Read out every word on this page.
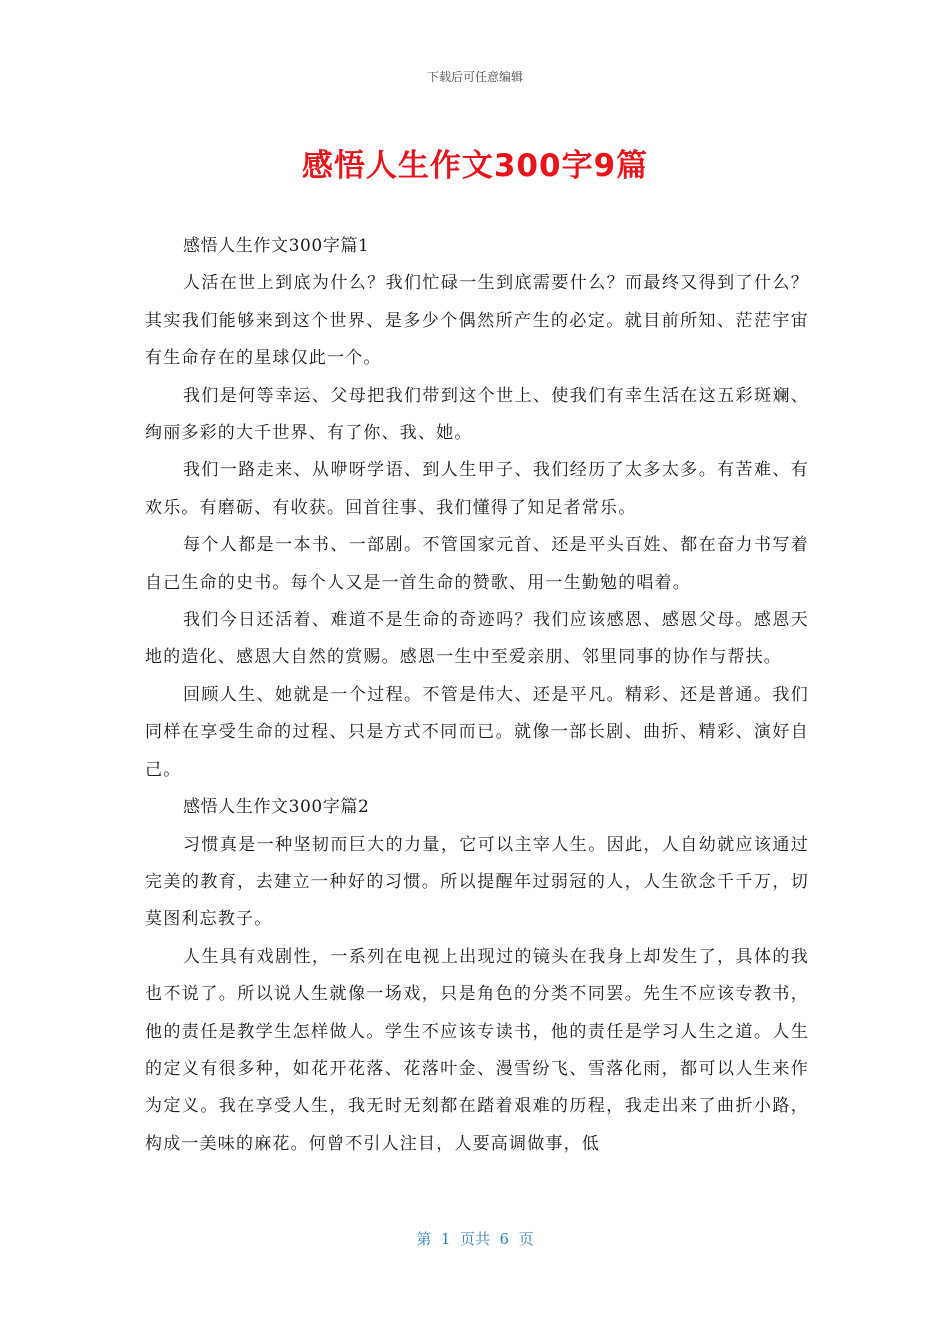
下载后可任意编辑
感悟人生作文300字9篇

感悟人生作文300字篇1

人活在世上到底为什么？我们忙碌一生到底需要什么？而最终又得到了什么？其实我们能够来到这个世界、是多少个偶然所产生的必定。就目前所知、茫茫宇宙有生命存在的星球仅此一个。

我们是何等幸运、父母把我们带到这个世上、使我们有幸生活在这五彩斑斓、绚丽多彩的大千世界、有了你、我、她。

我们一路走来、从咿呀学语、到人生甲子、我们经历了太多太多。有苦难、有欢乐。有磨砺、有收获。回首往事、我们懂得了知足者常乐。

每个人都是一本书、一部剧。不管国家元首、还是平头百姓、都在奋力书写着自己生命的史书。每个人又是一首生命的赞歌、用一生勤勉的唱着。

我们今日还活着、难道不是生命的奇迹吗？我们应该感恩、感恩父母。感恩天地的造化、感恩大自然的赏赐。感恩一生中至爱亲朋、邻里同事的协作与帮扶。

回顾人生、她就是一个过程。不管是伟大、还是平凡。精彩、还是普通。我们同样在享受生命的过程、只是方式不同而已。就像一部长剧、曲折、精彩、演好自己。

感悟人生作文300字篇2

习惯真是一种坚韧而巨大的力量，它可以主宰人生。因此，人自幼就应该通过完美的教育，去建立一种好的习惯。所以提醒年过弱冠的人，人生欲念千千万，切莫图利忘教子。

人生具有戏剧性，一系列在电视上出现过的镜头在我身上却发生了，具体的我也不说了。所以说人生就像一场戏，只是角色的分类不同罢。先生不应该专教书，他的责任是教学生怎样做人。学生不应该专读书，他的责任是学习人生之道。人生的定义有很多种，如花开花落、花落叶金、漫雪纷飞、雪落化雨，都可以人生来作为定义。我在享受人生，我无时无刻都在踏着艰难的历程，我走出来了曲折小路，构成一美味的麻花。何曾不引人注目，人要高调做事，低

第  1  页共  6  页
